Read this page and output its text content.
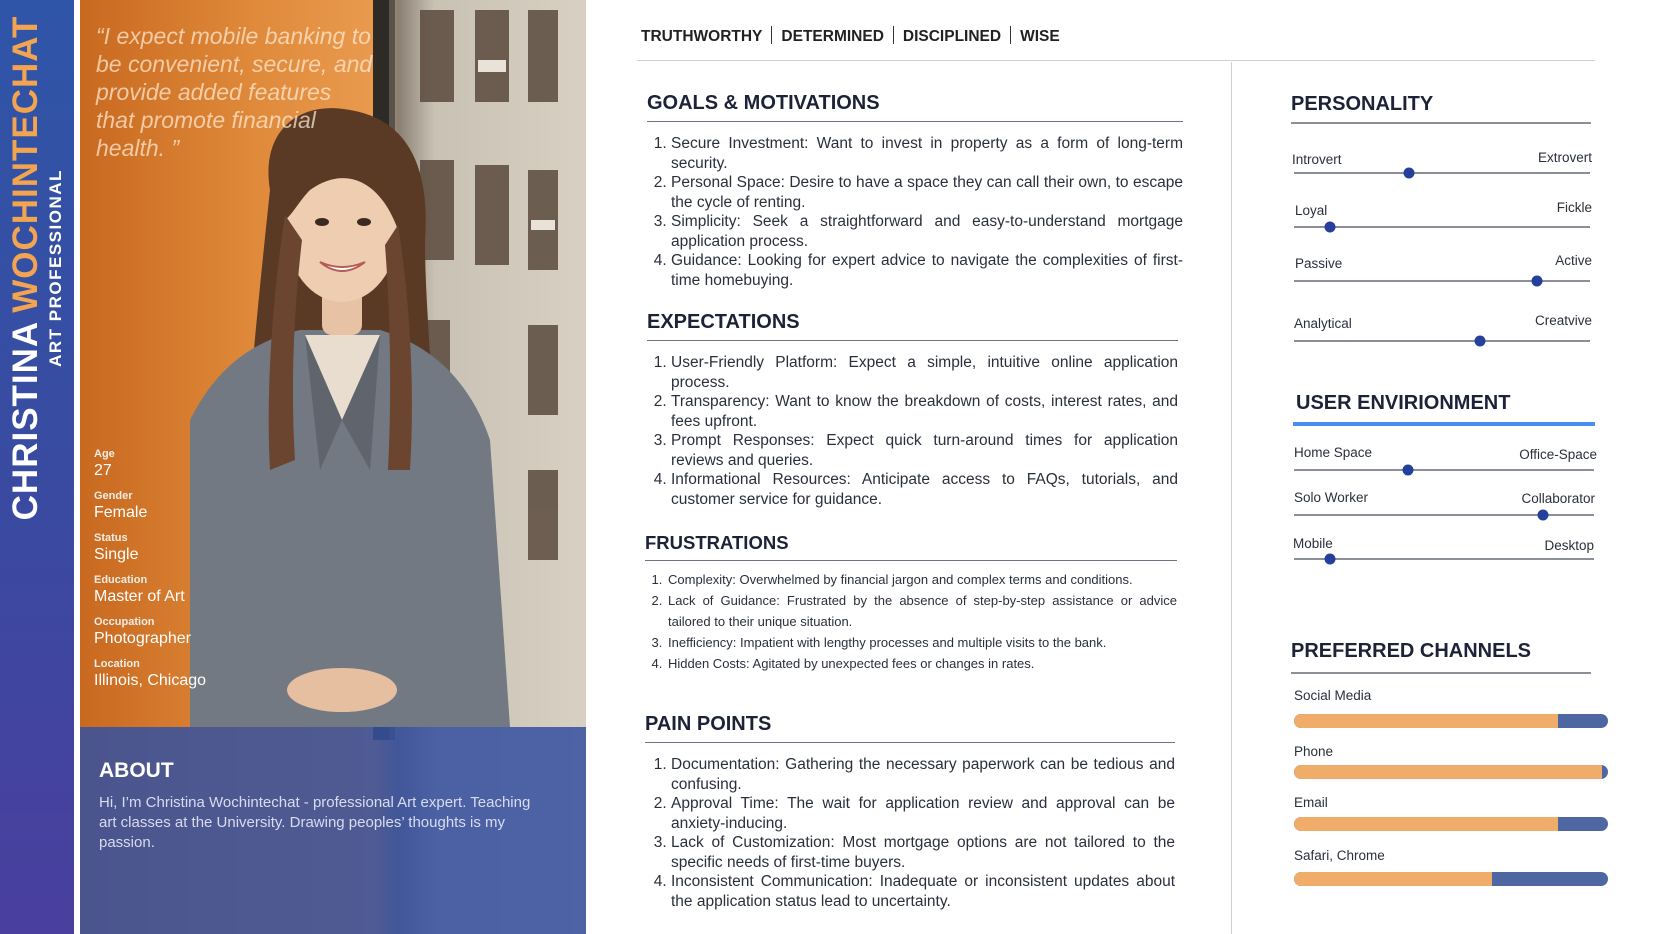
CHRISTINAWOCHINTECHAT ART PROFESSIONAL
“I expect mobile banking to be convenient, secure, and provide added features that promote financial health. ”
Age
27
Gender
Female
Status
Single
Education
Master of Art
Occupation
Photographer
Location
Illinois, Chicago
ABOUT
Hi, I’m Christina Wochintechat - professional Art expert. Teaching art classes at the University. Drawing peoples’ thoughts is my passion.
TRUTHWORTHY DETERMINED DISCIPLINED WISE
GOALS & MOTIVATIONS
1. Secure Investment: Want to invest in property as a form of long-term security.
2. Personal Space: Desire to have a space they can call their own, to escape the cycle of renting.
3. Simplicity: Seek a straightforward and easy-to-understand mortgage application process.
4. Guidance: Looking for expert advice to navigate the complexities of first-time homebuying.
EXPECTATIONS
1. User-Friendly Platform: Expect a simple, intuitive online application process.
2. Transparency: Want to know the breakdown of costs, interest rates, and fees upfront.
3. Prompt Responses: Expect quick turn-around times for application reviews and queries.
4. Informational Resources: Anticipate access to FAQs, tutorials, and customer service for guidance.
FRUSTRATIONS
1. Complexity: Overwhelmed by financial jargon and complex terms and conditions.
2. Lack of Guidance: Frustrated by the absence of step-by-step assistance or advice tailored to their unique situation.
3. Inefficiency: Impatient with lengthy processes and multiple visits to the bank.
4. Hidden Costs: Agitated by unexpected fees or changes in rates.
PAIN POINTS
1. Documentation: Gathering the necessary paperwork can be tedious and confusing.
2. Approval Time: The wait for application review and approval can be anxiety-inducing.
3. Lack of Customization: Most mortgage options are not tailored to the specific needs of first-time buyers.
4. Inconsistent Communication: Inadequate or inconsistent updates about the application status lead to uncertainty.
PERSONALITY
Introvert	Extrovert
Loyal	Fickle
Passive	Active
Analytical	Creatvive
USER ENVIRIONMENT
Home Space	Office-Space
Solo Worker	Collaborator
Mobile	Desktop
PREFERRED CHANNELS
Social Media
Phone
Email
Safari, Chrome
